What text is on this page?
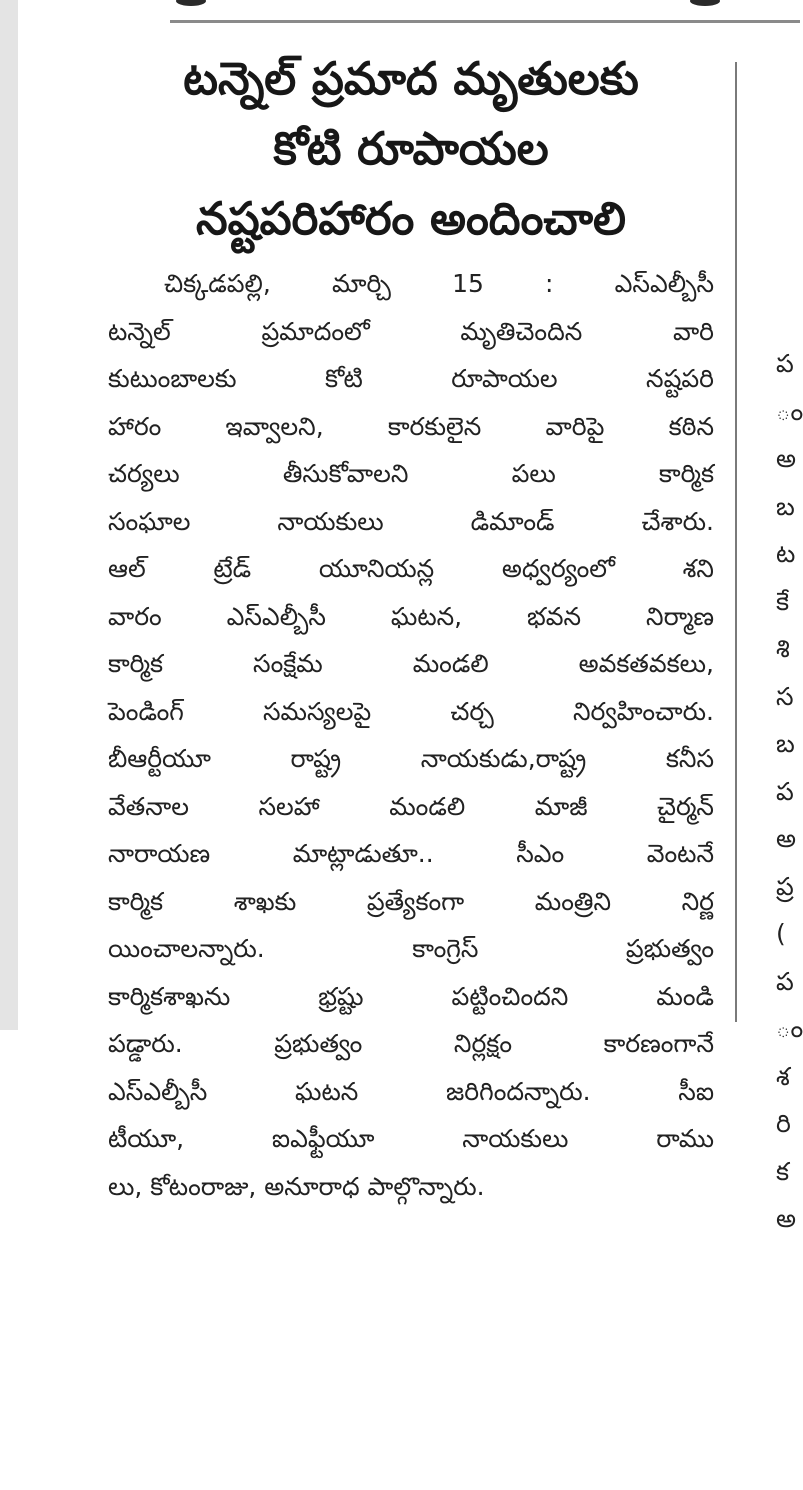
టన్నెల్ ప్రమాద మృతులకు
కోటి రూపాయల
నష్టపరిహారం అందించాలి
చిక్కడపల్లి, మార్చి 15 : ఎస్ఎల్బీసీ
టన్నెల్ ప్రమాదంలో మృతిచెందిన వారి
కుటుంబాలకు కోటి రూపాయల నష్టపరి
హారం ఇవ్వాలని, కారకులైన వారిపై కఠిన
చర్యలు తీసుకోవాలని పలు కార్మిక
సంఘాల నాయకులు డిమాండ్ చేశారు.
ఆల్ ట్రేడ్ యూనియన్ల అధ్వర్యంలో శని
వారం ఎస్ఎల్బీసీ ఘటన, భవన నిర్మాణ
కార్మిక సంక్షేమ మండలి అవకతవకలు,
పెండింగ్ సమస్యలపై చర్చ నిర్వహించారు.
బీఆర్టీయూ రాష్ట్ర నాయకుడు,రాష్ట్ర కనీస
వేతనాల సలహా మండలి మాజీ చైర్మన్
నారాయణ మాట్లాడుతూ.. సీఎం వెంటనే
కార్మిక శాఖకు ప్రత్యేకంగా మంత్రిని నిర్ణ
యించాలన్నారు. కాంగ్రెస్ ప్రభుత్వం
కార్మికశాఖను భ్రష్టు పట్టించిందని మండి
పడ్డారు. ప్రభుత్వం నిర్లక్షం కారణంగానే
ఎస్ఎల్బీసీ ఘటన జరిగిందన్నారు. సీఐ
టీయూ, ఐఎఫ్టీయూ నాయకులు రాము
లు, కోటంరాజు, అనూరాధ పాల్గొన్నారు.
ప
ం
అ
బ
ట
కే
శి
స
బ
ప
అ
ప్ర
(
ప
ం
శ
రి
క
అ
